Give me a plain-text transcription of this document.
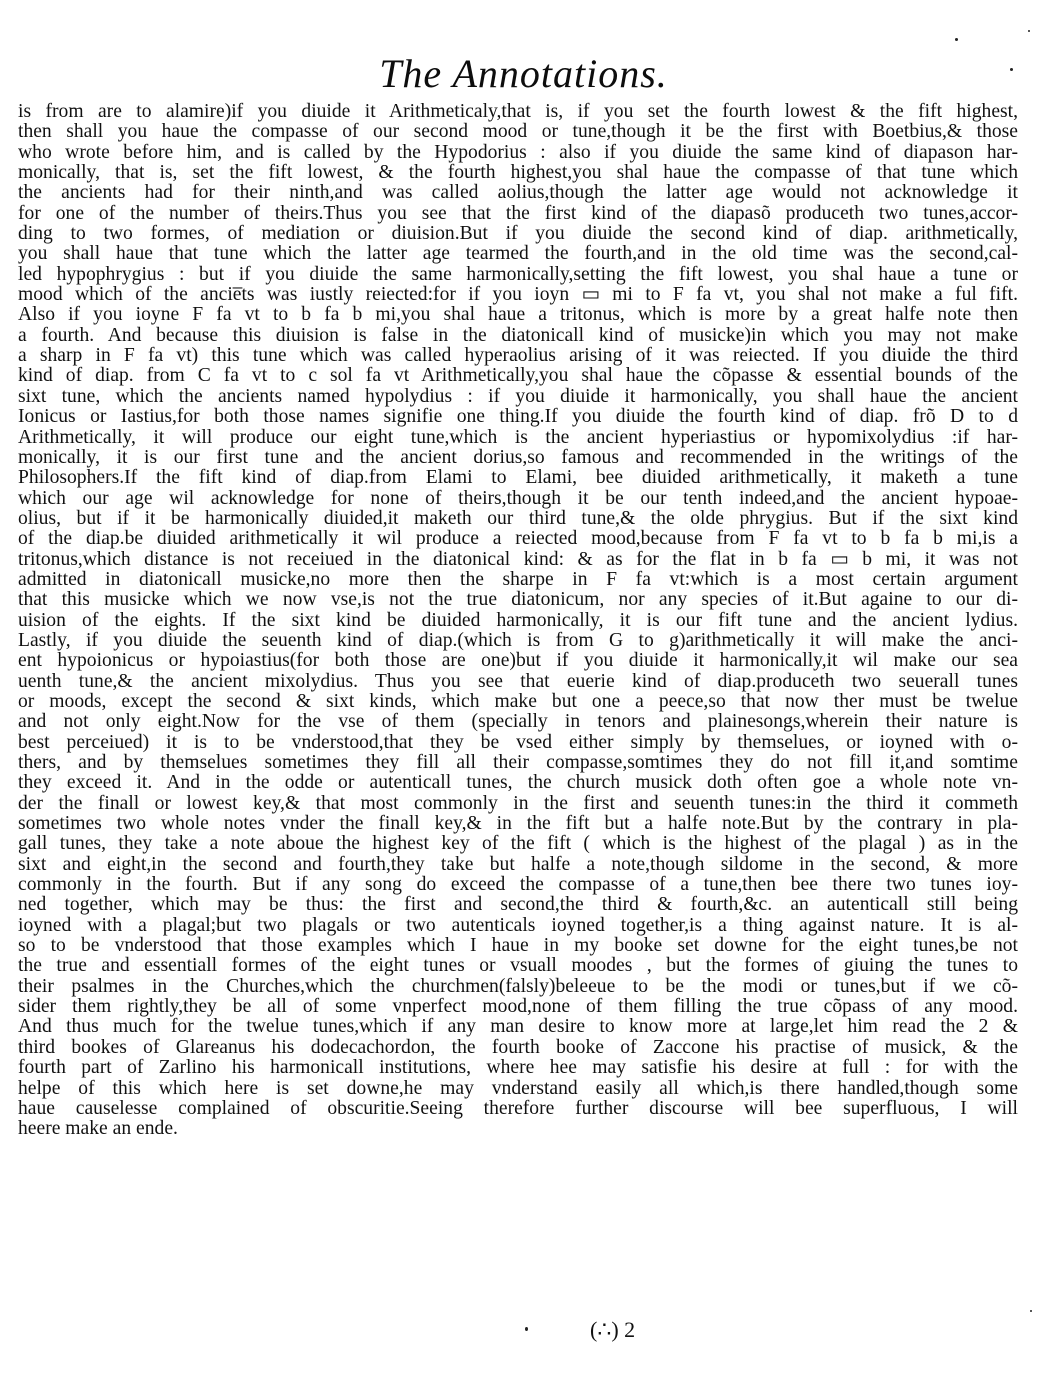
The Annotations.
is from are to alamire)if you diuide it Arithmeticaly,that is, if you set the fourth lowest & the fift highest,
then shall you haue the compasse of our second mood or tune,though it be the first with Boetbius,& those
who wrote before him, and is called by the Hypodorius : also if you diuide the same kind of diapason har-
monically, that is, set the fift lowest, & the fourth highest,you shal haue the compasse of that tune which
the ancients had for their ninth,and was called aolius,though the latter age would not acknowledge it
for one of the number of theirs.Thus you see that the first kind of the diapasõ produceth two tunes,accor-
ding to two formes, of mediation or diuision.But if you diuide the second kind of diap. arithmetically,
you shall haue that tune which the latter age tearmed the fourth,and in the old time was the second,cal-
led hypophrygius : but if you diuide the same harmonically,setting the fift lowest, you shal haue a tune or
mood which of the ancie̅ts was iustly reiected:for if you ioyn ▭ mi to F fa vt, you shal not make a ful fift.
Also if you ioyne F fa vt to b fa b mi,you shal haue a tritonus, which is more by a great halfe note then
a fourth. And because this diuision is false in the diatonicall kind of musicke)in which you may not make
a sharp in F fa vt) this tune which was called hyperaolius arising of it was reiected. If you diuide the third
kind of diap. from C fa vt to c sol fa vt Arithmetically,you shal haue the cõpasse & essential bounds of the
sixt tune, which the ancients named hypolydius : if you diuide it harmonically, you shall haue the ancient
Ionicus or Iastius,for both those names signifie one thing.If you diuide the fourth kind of diap. frõ D to d
Arithmetically, it will produce our eight tune,which is the ancient hyperiastius or hypomixolydius :if har-
monically, it is our first tune and the ancient dorius,so famous and recommended in the writings of the
Philosophers.If the fift kind of diap.from Elami to Elami, bee diuided arithmetically, it maketh a tune
which our age wil acknowledge for none of theirs,though it be our tenth indeed,and the ancient hypoae-
olius, but if it be harmonically diuided,it maketh our third tune,& the olde phrygius. But if the sixt kind
of the diap.be diuided arithmetically it wil produce a reiected mood,because from F fa vt to b fa b mi,is a
tritonus,which distance is not receiued in the diatonical kind: & as for the flat in b fa ▭ b mi, it was not
admitted in diatonicall musicke,no more then the sharpe in F fa vt:which is a most certain argument
that this musicke which we now vse,is not the true diatonicum, nor any species of it.But againe to our di-
uision of the eights. If the sixt kind be diuided harmonically, it is our fift tune and the ancient lydius.
Lastly, if you diuide the seuenth kind of diap.(which is from G to g)arithmetically it will make the anci-
ent hypoionicus or hypoiastius(for both those are one)but if you diuide it harmonically,it wil make our sea
uenth tune,& the ancient mixolydius. Thus you see that euerie kind of diap.produceth two seuerall tunes
or moods, except the second & sixt kinds, which make but one a peece,so that now ther must be twelue
and not only eight.Now for the vse of them (specially in tenors and plainesongs,wherein their nature is
best perceiued) it is to be vnderstood,that they be vsed either simply by themselues, or ioyned with o-
thers, and by themselues sometimes they fill all their compasse,somtimes they do not fill it,and somtime
they exceed it. And in the odde or autenticall tunes, the church musick doth often goe a whole note vn-
der the finall or lowest key,& that most commonly in the first and seuenth tunes:in the third it commeth
sometimes two whole notes vnder the finall key,& in the fift but a halfe note.But by the contrary in pla-
gall tunes, they take a note aboue the highest key of the fift ( which is the highest of the plagal ) as in the
sixt and eight,in the second and fourth,they take but halfe a note,though sildome in the second, & more
commonly in the fourth. But if any song do exceed the compasse of a tune,then bee there two tunes ioy-
ned together, which may be thus: the first and second,the third & fourth,&c. an autenticall still being
ioyned with a plagal;but two plagals or two autenticals ioyned together,is a thing against nature. It is al-
so to be vnderstood that those examples which I haue in my booke set downe for the eight tunes,be not
the true and essentiall formes of the eight tunes or vsuall moodes , but the formes of giuing the tunes to
their psalmes in the Churches,which the churchmen(falsly)beleeue to be the modi or tunes,but if we cõ-
sider them rightly,they be all of some vnperfect mood,none of them filling the true cõpass of any mood.
And thus much for the twelue tunes,which if any man desire to know more at large,let him read the 2 &
third bookes of Glareanus his dodecachordon, the fourth booke of Zaccone his practise of musick, & the
fourth part of Zarlino his harmonicall institutions, where hee may satisfie his desire at full : for with the
helpe of this which here is set downe,he may vnderstand easily all which,is there handled,though some
haue causelesse complained of obscuritie.Seeing therefore further discourse will bee superfluous, I will
heere make an ende.
(∴) 2
